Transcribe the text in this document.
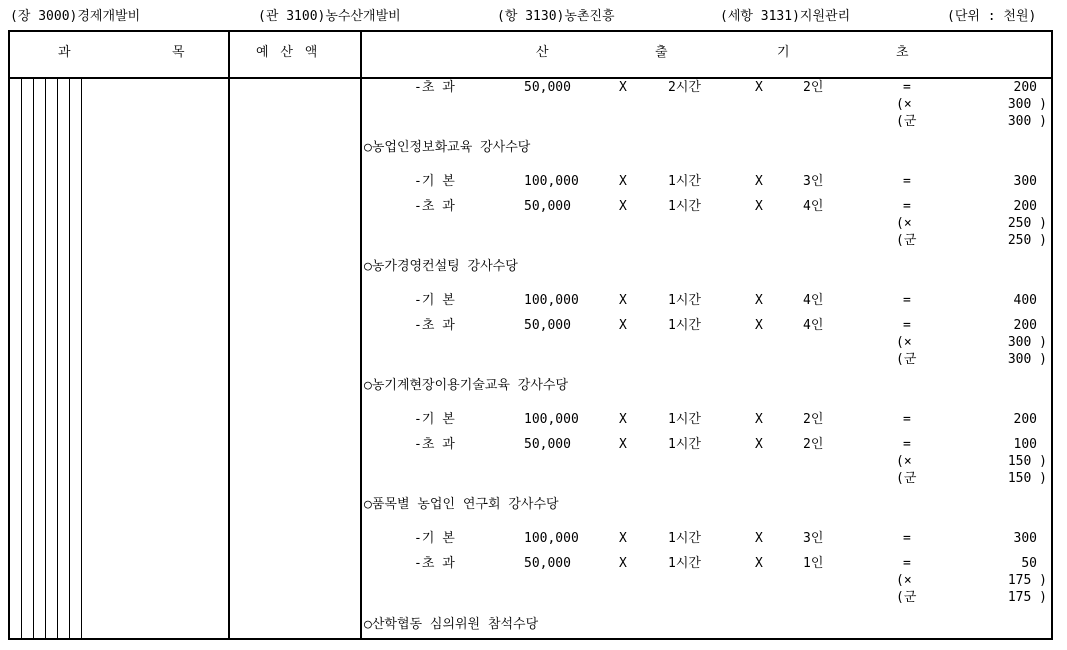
(장 3000)경제개발비	(관 3100)농수산개발비	(항 3130)농촌진흥	(세항 3131)지원관리	(단위 : 천원)
과	목	예 산 액	산	출	기	초
-초 과	50,000	X	2시간	X	2인	=	200
(×	300 )
(군	300 )
○농업인정보화교육 강사수당
-기 본	100,000	X	1시간	X	3인	=	300
-초 과	50,000	X	1시간	X	4인	=	200
(×	250 )
(군	250 )
○농가경영컨설팅 강사수당
-기 본	100,000	X	1시간	X	4인	=	400
-초 과	50,000	X	1시간	X	4인	=	200
(×	300 )
(군	300 )
○농기계현장이용기술교육 강사수당
-기 본	100,000	X	1시간	X	2인	=	200
-초 과	50,000	X	1시간	X	2인	=	100
(×	150 )
(군	150 )
○품목별 농업인 연구회 강사수당
-기 본	100,000	X	1시간	X	3인	=	300
-초 과	50,000	X	1시간	X	1인	=	50
(×	175 )
(군	175 )
○산학협동 심의위원 참석수당
